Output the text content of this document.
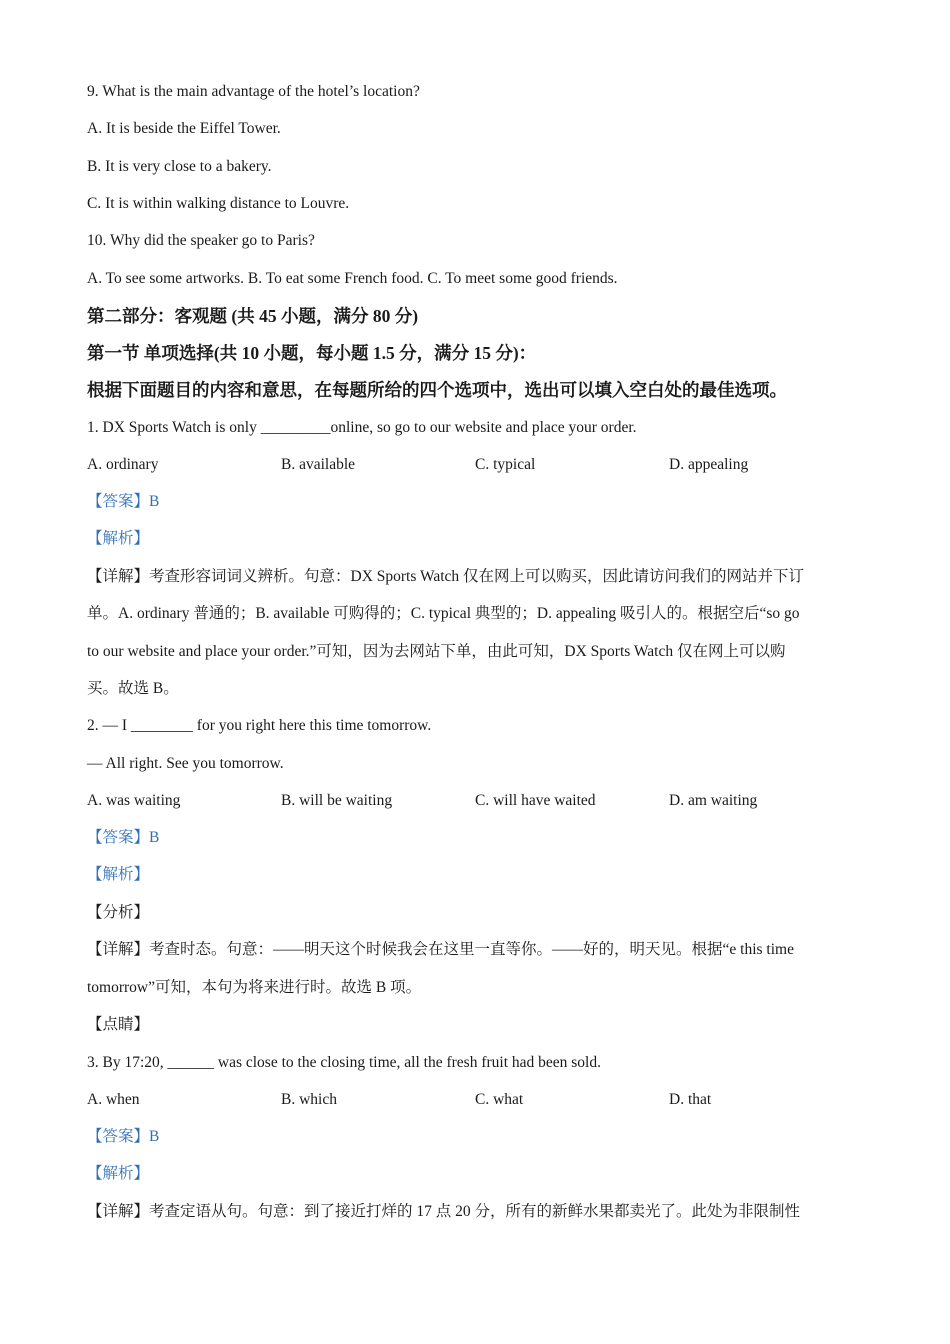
9. What is the main advantage of the hotel’s location?
A. It is beside the Eiffel Tower.
B. It is very close to a bakery.
C. It is within walking distance to Louvre.
10. Why did the speaker go to Paris?
A. To see some artworks. B. To eat some French food. C. To meet some good friends.
第二部分：客观题 (共 45 小题，满分 80 分)
第一节 单项选择(共 10 小题，每小题 1.5 分，满分 15 分)：
根据下面题目的内容和意思，在每题所给的四个选项中，选出可以填入空白处的最佳选项。
1. DX Sports Watch is only _________online, so go to our website and place your order.
A. ordinary	B. available	C. typical	D. appealing
【答案】B
【解析】
【详解】考查形容词词义辨析。句意：DX Sports Watch 仅在网上可以购买，因此请访问我们的网站并下订
单。A. ordinary 普通的；B. available 可购得的；C. typical 典型的；D. appealing 吸引人的。根据空后“so go
to our website and place your order.”可知，因为去网站下单，由此可知，DX Sports Watch 仅在网上可以购
买。故选 B。
2. — I ________ for you right here this time tomorrow.
— All right. See you tomorrow.
A. was waiting	B. will be waiting	C. will have waited	D. am waiting
【答案】B
【解析】
【分析】
【详解】考查时态。句意：——明天这个时候我会在这里一直等你。——好的，明天见。根据“e this time
tomorrow”可知，本句为将来进行时。故选 B 项。
【点睛】
3. By 17:20, ______ was close to the closing time, all the fresh fruit had been sold.
A. when	B. which	C. what	D. that
【答案】B
【解析】
【详解】考查定语从句。句意：到了接近打烊的 17 点 20 分，所有的新鲜水果都卖光了。此处为非限制性
